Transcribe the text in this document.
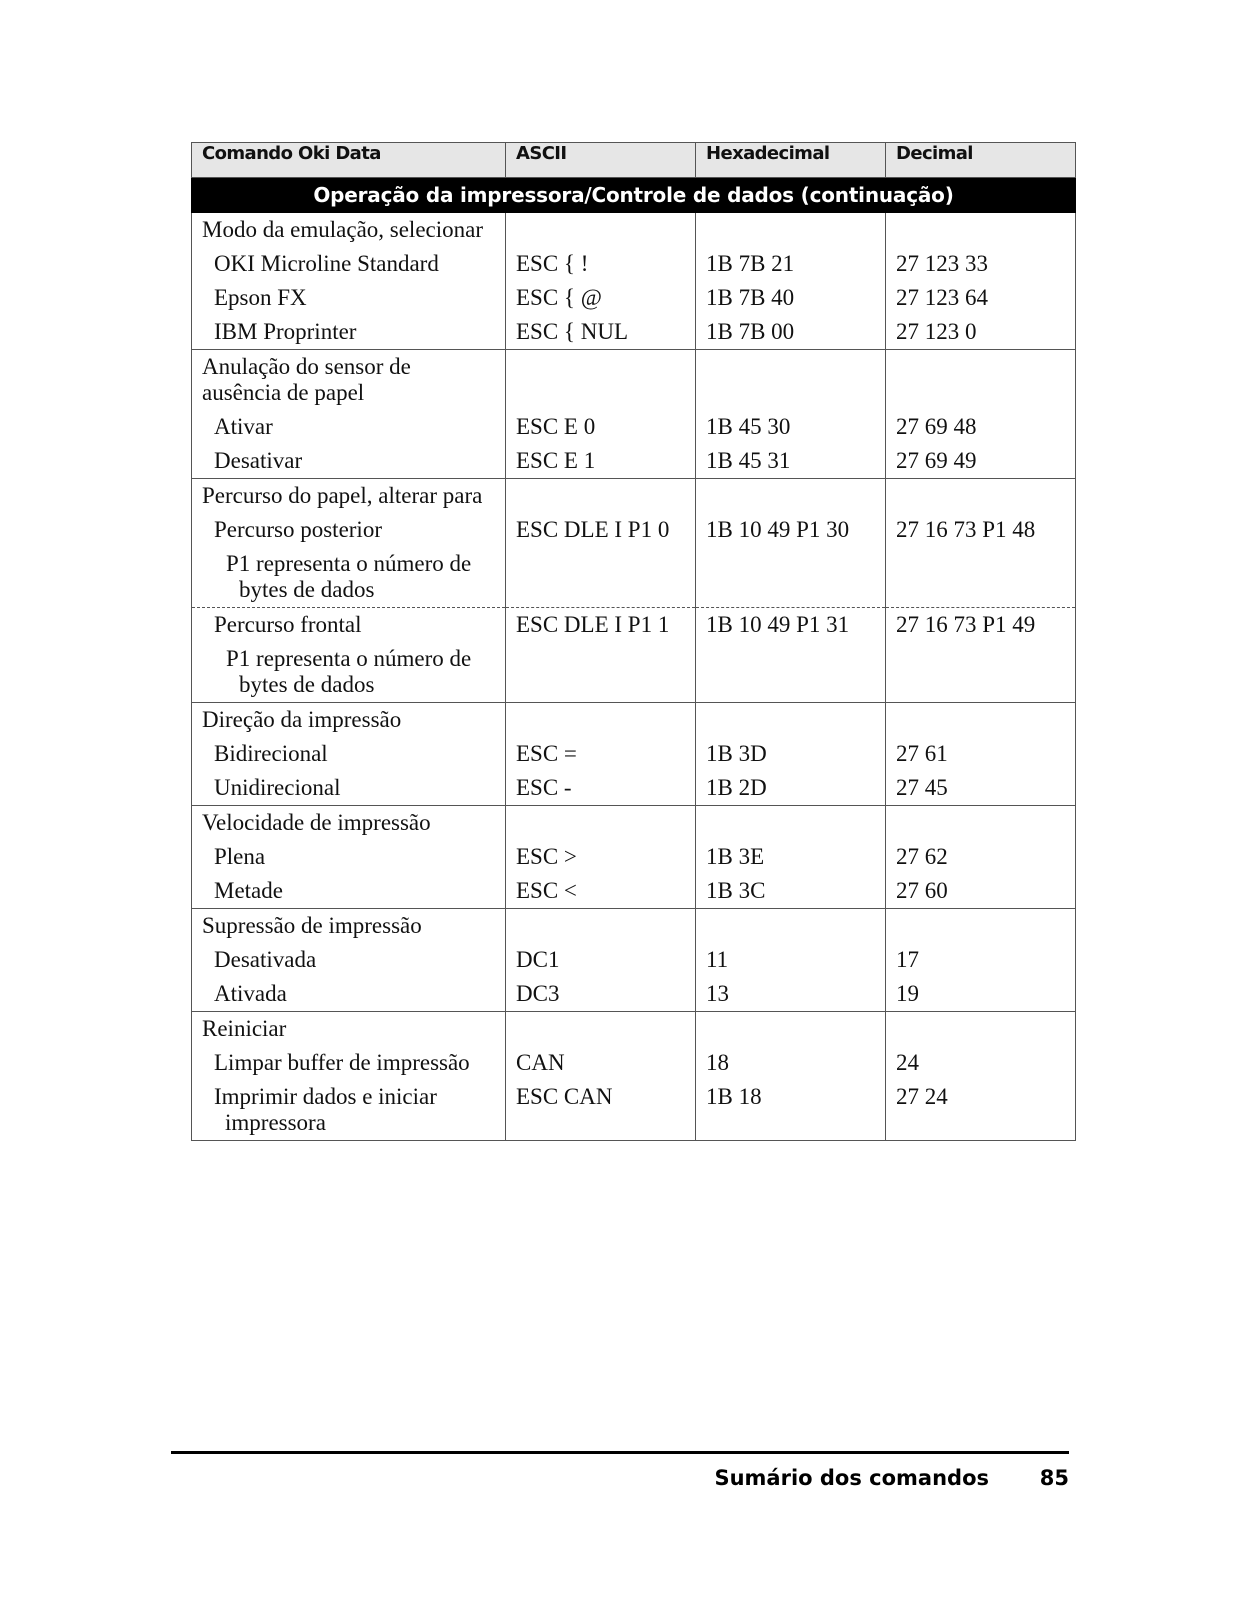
Comando Oki Data	ASCII	Hexadecimal	Decimal
Operação da impressora/Controle de dados (continuação)			
Modo da emulação, selecionar			
OKI Microline Standard	ESC { !	1B 7B 21	27 123 33
Epson FX	ESC { @	1B 7B 40	27 123 64
IBM Proprinter	ESC { NUL	1B 7B 00	27 123 0
Anulação do sensor de ausência de papel			
Ativar	ESC E 0	1B 45 30	27 69 48
Desativar	ESC E 1	1B 45 31	27 69 49
Percurso do papel, alterar para			
Percurso posterior	ESC DLE I P1 0	1B 10 49 P1 30	27 16 73 P1 48

P1 representa o número de bytes de dados			

Percurso frontal	ESC DLE I P1 1	1B 10 49 P1 31	27 16 73 P1 49

P1 representa o número de bytes de dados			

Direção da impressão			
Bidirecional	ESC =	1B 3D	27 61
Unidirecional	ESC -	1B 2D	27 45
Velocidade de impressão			
Plena	ESC >	1B 3E	27 62
Metade	ESC <	1B 3C	27 60
Supressão de impressão			
Desativada	DC1	11	17
Ativada	DC3	13	19
Reiniciar			
Limpar buffer de impressão	CAN	18	24

Imprimir dados e iniciar impressora	ESC CAN	1B 18	27 24
Sumário dos comandos 85
